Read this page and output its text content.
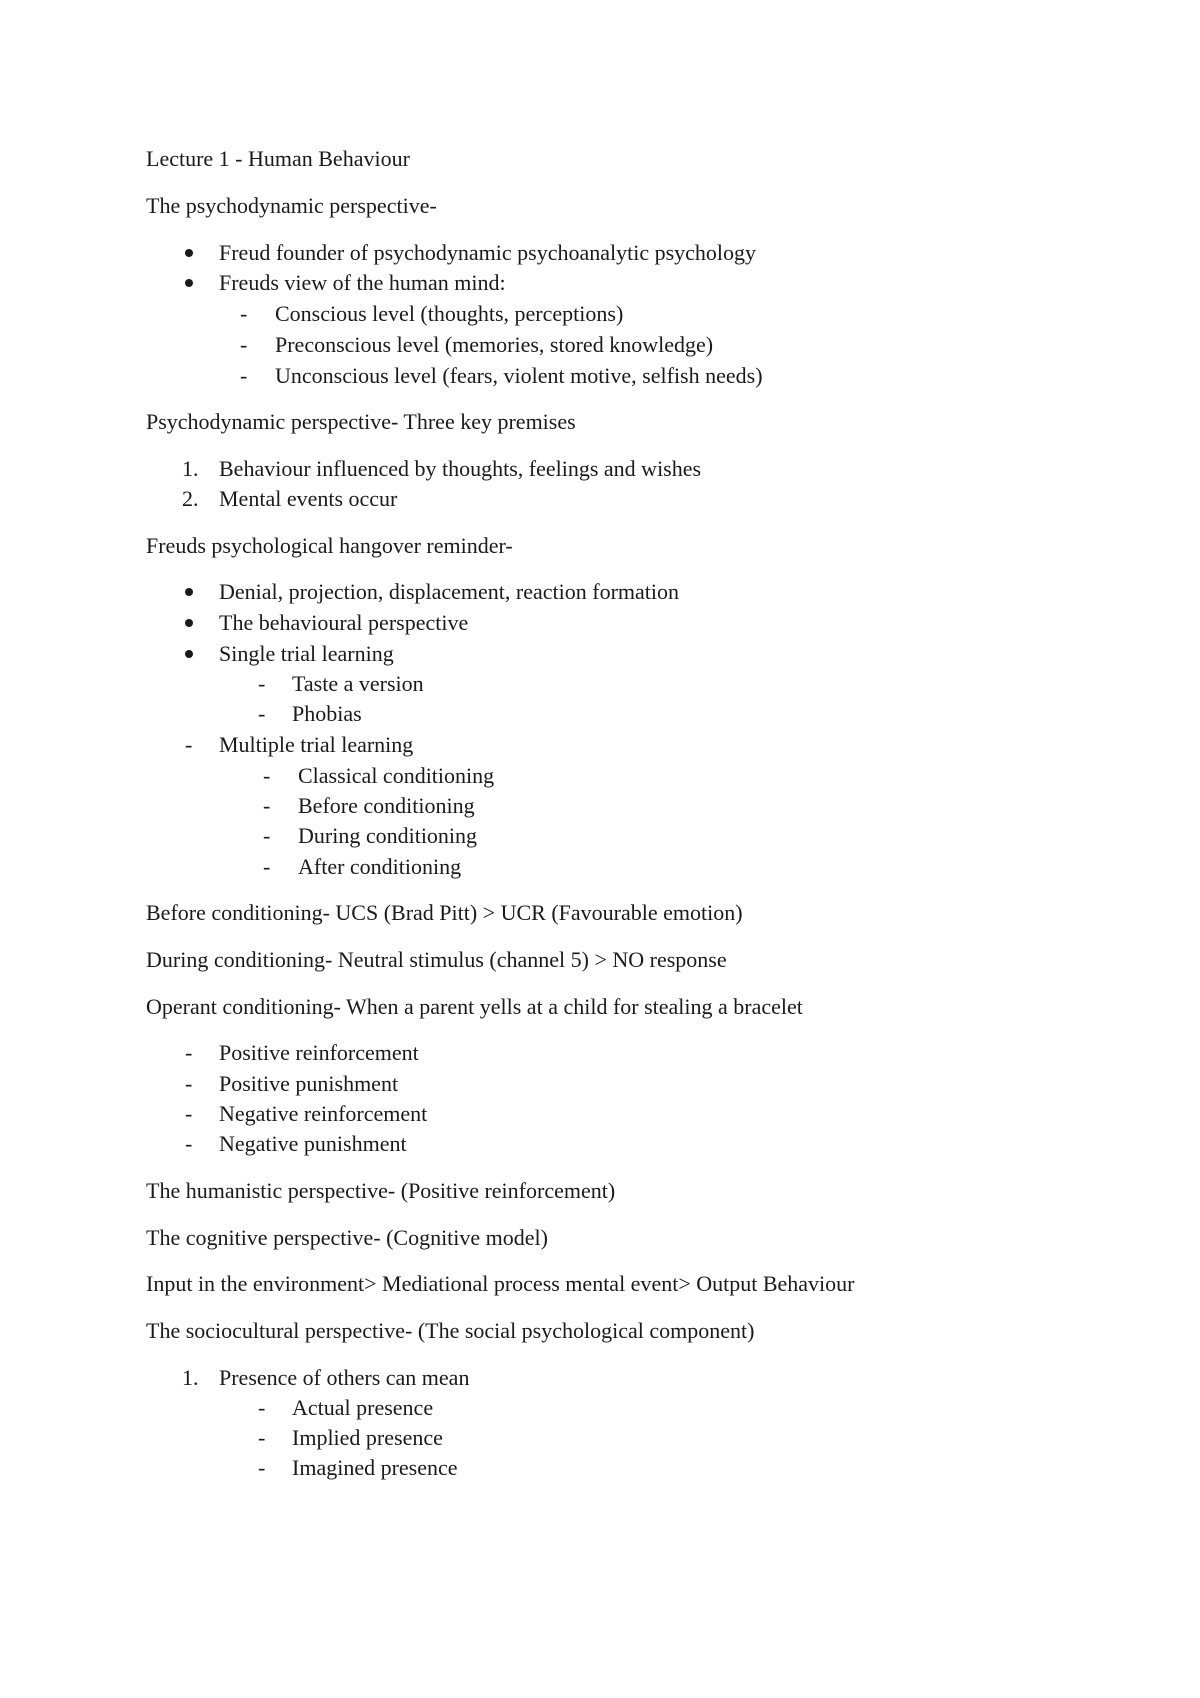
Lecture 1 - Human Behaviour
The psychodynamic perspective-
Freud founder of psychodynamic psychoanalytic psychology
Freuds view of the human mind:
- Conscious level (thoughts, perceptions)
- Preconscious level (memories, stored knowledge)
- Unconscious level (fears, violent motive, selfish needs)
Psychodynamic perspective- Three key premises
1. Behaviour influenced by thoughts, feelings and wishes
2. Mental events occur
Freuds psychological hangover reminder-
Denial, projection, displacement, reaction formation
The behavioural perspective
Single trial learning
- Taste a version
- Phobias
- Multiple trial learning
- Classical conditioning
- Before conditioning
- During conditioning
- After conditioning
Before conditioning- UCS (Brad Pitt) > UCR (Favourable emotion)
During conditioning- Neutral stimulus (channel 5) > NO response
Operant conditioning- When a parent yells at a child for stealing a bracelet
- Positive reinforcement
- Positive punishment
- Negative reinforcement
- Negative punishment
The humanistic perspective- (Positive reinforcement)
The cognitive perspective- (Cognitive model)
Input in the environment> Mediational process mental event> Output Behaviour
The sociocultural perspective- (The social psychological component)
1. Presence of others can mean
- Actual presence
- Implied presence
- Imagined presence
